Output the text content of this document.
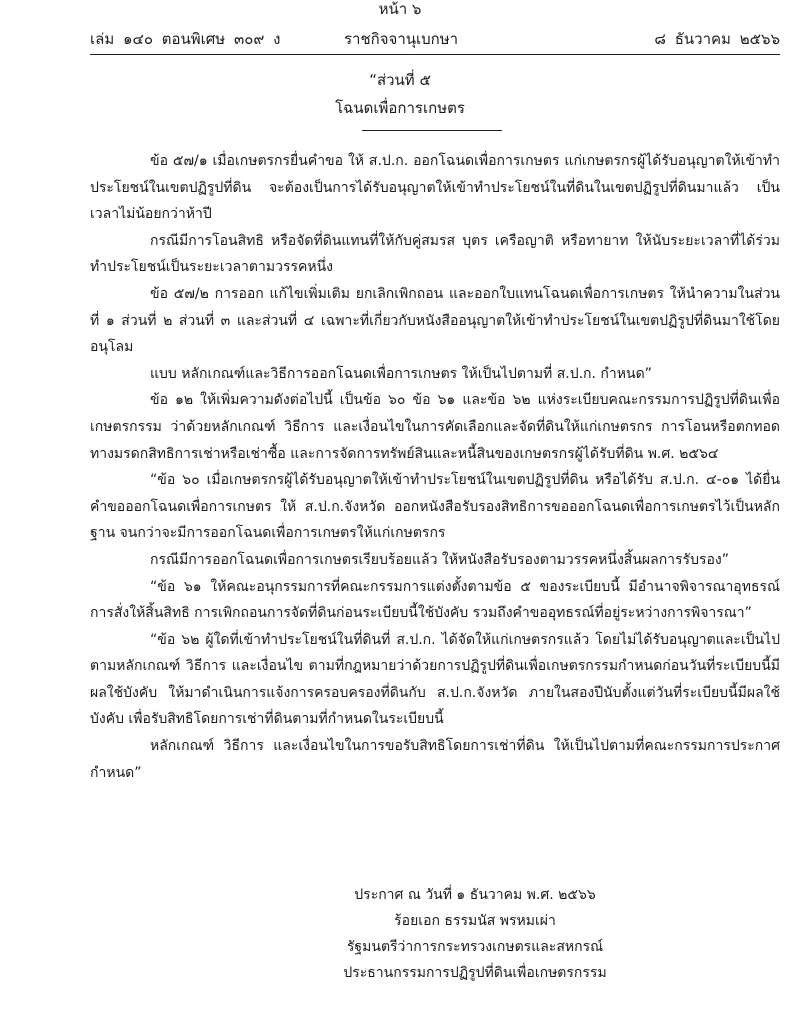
หน้า ๖
เล่ม ๑๔๐ ตอนพิเศษ ๓๐๙ ง	ราชกิจจานุเบกษา	๘ ธันวาคม ๒๕๖๖
“ส่วนที่ ๕
โฉนดเพื่อการเกษตร

ข้อ ๕๗/๑ เมื่อเกษตรกรยื่นคำขอ ให้ ส.ป.ก. ออกโฉนดเพื่อการเกษตร แก่เกษตรกรผู้ได้รับอนุญาตให้เข้าทำประโยชน์ในเขตปฏิรูปที่ดิน จะต้องเป็นการได้รับอนุญาตให้เข้าทำประโยชน์ในที่ดินในเขตปฏิรูปที่ดินมาแล้ว เป็นเวลาไม่น้อยกว่าห้าปี

กรณีมีการโอนสิทธิ หรือจัดที่ดินแทนที่ให้กับคู่สมรส บุตร เครือญาติ หรือทายาท ให้นับระยะเวลาที่ได้ร่วมทำประโยชน์เป็นระยะเวลาตามวรรคหนึ่ง

ข้อ ๕๗/๒ การออก แก้ไขเพิ่มเติม ยกเลิกเพิกถอน และออกใบแทนโฉนดเพื่อการเกษตร ให้นำความในส่วนที่ ๑ ส่วนที่ ๒ ส่วนที่ ๓ และส่วนที่ ๔ เฉพาะที่เกี่ยวกับหนังสืออนุญาตให้เข้าทำประโยชน์ในเขตปฏิรูปที่ดินมาใช้โดยอนุโลม

แบบ หลักเกณฑ์และวิธีการออกโฉนดเพื่อการเกษตร ให้เป็นไปตามที่ ส.ป.ก. กำหนด”

ข้อ ๑๒ ให้เพิ่มความดังต่อไปนี้ เป็นข้อ ๖๐ ข้อ ๖๑ และข้อ ๖๒ แห่งระเบียบคณะกรรมการปฏิรูปที่ดินเพื่อเกษตรกรรม ว่าด้วยหลักเกณฑ์ วิธีการ และเงื่อนไขในการคัดเลือกและจัดที่ดินให้แก่เกษตรกร การโอนหรือตกทอดทางมรดกสิทธิการเช่าหรือเช่าซื้อ และการจัดการทรัพย์สินและหนี้สินของเกษตรกรผู้ได้รับที่ดิน พ.ศ. ๒๕๖๔

“ข้อ ๖๐ เมื่อเกษตรกรผู้ได้รับอนุญาตให้เข้าทำประโยชน์ในเขตปฏิรูปที่ดิน หรือได้รับ ส.ป.ก. ๔-๐๑ ได้ยื่นคำขอออกโฉนดเพื่อการเกษตร ให้ ส.ป.ก.จังหวัด ออกหนังสือรับรองสิทธิการขอออกโฉนดเพื่อการเกษตรไว้เป็นหลักฐาน จนกว่าจะมีการออกโฉนดเพื่อการเกษตรให้แก่เกษตรกร

กรณีมีการออกโฉนดเพื่อการเกษตรเรียบร้อยแล้ว ให้หนังสือรับรองตามวรรคหนึ่งสิ้นผลการรับรอง”

“ข้อ ๖๑ ให้คณะอนุกรรมการที่คณะกรรมการแต่งตั้งตามข้อ ๕ ของระเบียบนี้ มีอำนาจพิจารณาอุทธรณ์การสั่งให้สิ้นสิทธิ การเพิกถอนการจัดที่ดินก่อนระเบียบนี้ใช้บังคับ รวมถึงคำขออุทธรณ์ที่อยู่ระหว่างการพิจารณา”

“ข้อ ๖๒ ผู้ใดที่เข้าทำประโยชน์ในที่ดินที่ ส.ป.ก. ได้จัดให้แก่เกษตรกรแล้ว โดยไม่ได้รับอนุญาตและเป็นไปตามหลักเกณฑ์ วิธีการ และเงื่อนไข ตามที่กฎหมายว่าด้วยการปฏิรูปที่ดินเพื่อเกษตรกรรมกำหนดก่อนวันที่ระเบียบนี้มีผลใช้บังคับ ให้มาดำเนินการแจ้งการครอบครองที่ดินกับ ส.ป.ก.จังหวัด ภายในสองปีนับตั้งแต่วันที่ระเบียบนี้มีผลใช้บังคับ เพื่อรับสิทธิโดยการเช่าที่ดินตามที่กำหนดในระเบียบนี้

หลักเกณฑ์ วิธีการ และเงื่อนไขในการขอรับสิทธิโดยการเช่าที่ดิน ให้เป็นไปตามที่คณะกรรมการประกาศกำหนด”

ประกาศ ณ วันที่ ๑ ธันวาคม พ.ศ. ๒๕๖๖
ร้อยเอก ธรรมนัส พรหมเผ่า
รัฐมนตรีว่าการกระทรวงเกษตรและสหกรณ์
ประธานกรรมการปฏิรูปที่ดินเพื่อเกษตรกรรม
